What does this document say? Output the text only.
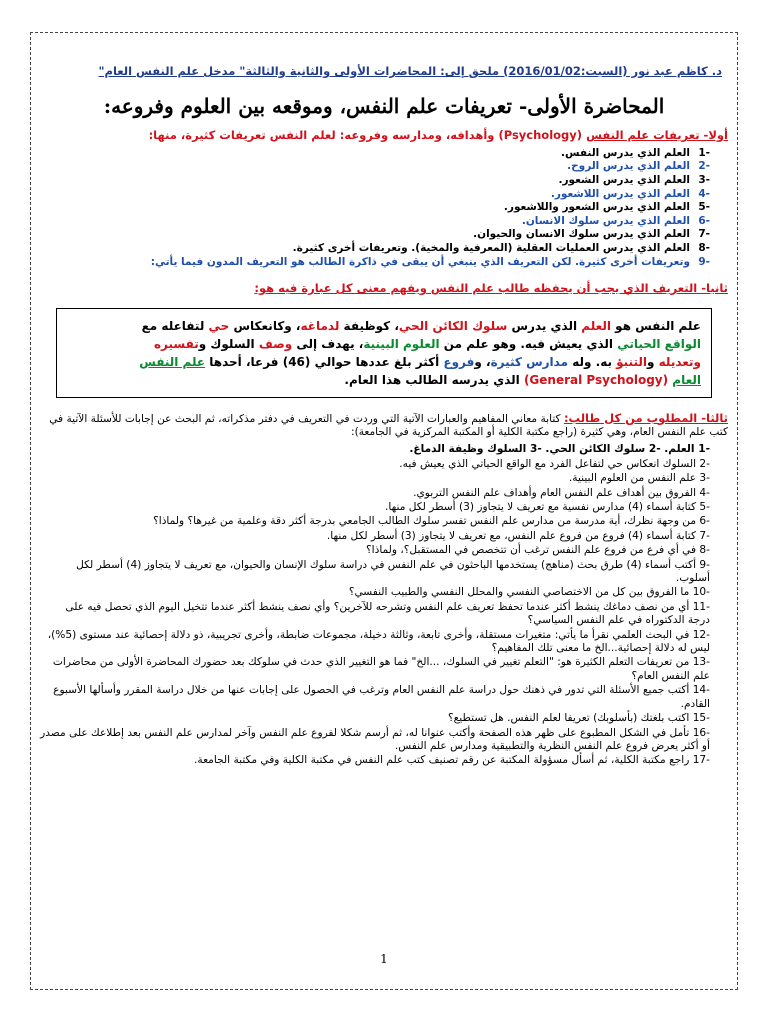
د. كاظم عبد نور (السبت:2016/01/02) ملحق إلى: المحاضرات الأولى والثانية والثالثة" مدخل علم النفس العام"
المحاضرة الأولى- تعريفات علم النفس، وموقعه بين العلوم وفروعه:
أولا- تعريفات علم النفس (Psychology) وأهدافه، ومدارسه وفروعه: لعلم النفس تعريفات كثيرة، منها:
-1العلم الذي يدرس النفس.
-2العلم الذي يدرس الروح.
-3العلم الذي يدرس الشعور.
-4العلم الذي يدرس اللاشعور.
-5العلم الذي يدرس الشعور واللاشعور.
-6العلم الذي يدرس سلوك الانسان.
-7العلم الذي يدرس سلوك الانسان والحيوان.
-8العلم الذي يدرس العمليات العقلية (المعرفية والمخية). وتعريفات أخرى كثيرة.
-9وتعريفات أخرى كثيرة. لكن التعريف الذي ينبغي أن يبقى في ذاكرة الطالب هو التعريف المدون فيما يأتي:
ثانيا- التعريف الذي يجب أن يحفظه طالب علم النفس ويفهم معنى كل عبارة فيه هو:
علم النفس هو العلم الذي يدرس سلوك الكائن الحي، كوظيفة لدماغه، وكانعكاس حي لتفاعله مع
الواقع الحياتي الذي يعيش فيه. وهو علم من العلوم البينية، يهدف إلى وصف السلوك وتفسيره
وتعديله والتنبؤ به. وله مدارس كثيرة، وفروع أكثر بلغ عددها حوالي (46) فرعا، أحدها علم النفس
العام (General Psychology) الذي يدرسه الطالب هذا العام.
ثالثا- المطلوب من كل طالب: كتابة معاني المفاهيم والعبارات الآتية التي وردت في التعريف في دفتر مذكراته، ثم البحث عن إجابات للأسئلة الآتية في كتب علم النفس العام، وهي كثيرة (راجع مكتبة الكلية أو المكتبة المركزية في الجامعة):
-1 العلم. -2 سلوك الكائن الحي. -3 السلوك وظيفة الدماغ.
-2 السلوك انعكاس حي لتفاعل الفرد مع الواقع الحياتي الذي يعيش فيه.
-3 علم النفس من العلوم البينية.
-4 الفروق بين أهداف علم النفس العام وأهداف علم النفس التربوي.
-5 كتابة أسماء (4) مدارس نفسية مع تعريف لا يتجاوز (3) أسطر لكل منها.
-6 من وجهة نظرك، أية مدرسة من مدارس علم النفس تفسر سلوك الطالب الجامعي بدرجة أكثر دقة وعلمية من غيرها؟ ولماذا؟
-7 كتابة أسماء (4) فروع من فروع علم النفس، مع تعريف لا يتجاوز (3) أسطر لكل منها.
-8 في أي فرع من فروع علم النفس ترغب أن تتخصص في المستقبل؟، ولماذا؟
-9 أكتب أسماء (4) طرق بحث (مناهج) يستخدمها الباحثون في علم النفس في دراسة سلوك الإنسان والحيوان، مع تعريف لا يتجاوز (4) أسطر لكل أسلوب.
-10 ما الفروق بين كل من الاختصاصي النفسي والمحلل النفسي والطبيب النفسي؟
-11 أي من نصف دماغك ينشط أكثر عندما تحفظ تعريف علم النفس وتشرحه للآخرين؟ وأي نصف ينشط أكثر عندما تتخيل اليوم الذي تحصل فيه على درجة الدكتوراه في علم النفس السياسي؟
-12 في البحث العلمي نقرأ ما يأتي: متغيرات مستقلة، وأخرى تابعة، وثالثة دخيلة، مجموعات ضابطة، وأخرى تجريبية، ذو دلالة إحصائية عند مستوى (5%)، ليس له دلالة إحصائية...الخ ما معنى تلك المفاهيم؟
-13 من تعريفات التعلم الكثيرة هو: "التعلم تغيير في السلوك، ...الخ" فما هو التغيير الذي حدث في سلوكك بعد حضورك المحاضرة الأولى من محاضرات علم النفس العام؟
-14 أكتب جميع الأسئلة التي تدور في ذهنك حول دراسة علم النفس العام وترغب في الحصول على إجابات عنها من خلال دراسة المقرر وأسألها الأسبوع القادم.
-15 اكتب بلغتك (بأسلوبك) تعريفا لعلم النفس. هل تستطيع؟
-16 تأمل في الشكل المطبوع على ظهر هذه الصفحة وأكتب عنوانا له، ثم أرسم شكلا لفروع علم النفس وآخر لمدارس علم النفس بعد إطلاعك على مصدر أو أكثر يعرض فروع علم النفس النظرية والتطبيقية ومدارس علم النفس.
-17 راجع مكتبة الكلية، ثم أسأل مسؤولة المكتبة عن رقم تصنيف كتب علم النفس في مكتبة الكلية وفي مكتبة الجامعة.
1
